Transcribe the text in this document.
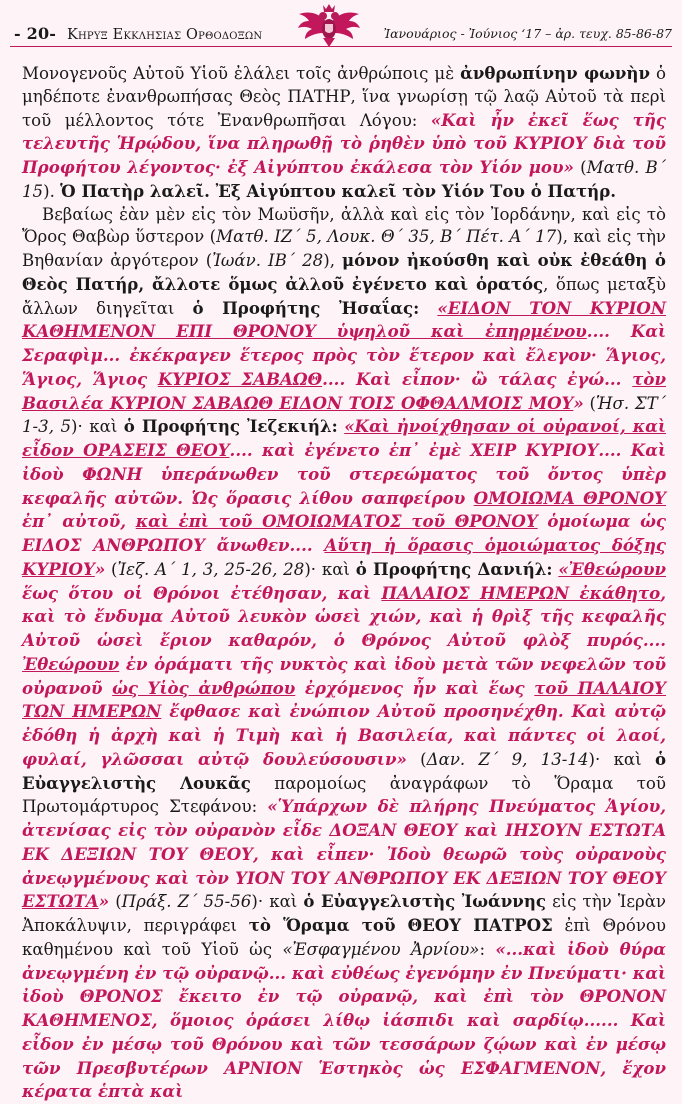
- 20- Κηρυξ Εκκλησιας Ορθοδοξων	Ἰανουάριος - Ἰούνιος ‘17 – ἀρ. τευχ. 85-86-87

Μονογενοῦς Αὐτοῦ Υἱοῦ ἐλάλει τοῖς ἀνθρώποις μὲ ἀνθρωπίνην φωνὴν ὁ μηδέποτε ἐνανθρωπήσας Θεὸς ΠΑΤΗΡ, ἵνα γνωρίσῃ τῷ λαῷ Αὐτοῦ τὰ περὶ τοῦ μέλλοντος τότε Ἐνανθρωπῆσαι Λόγου: «Καὶ ἦν ἐκεῖ ἕως τῆς τελευτῆς Ἡρῴδου, ἵνα πληρωθῇ τὸ ῥηθὲν ὑπὸ τοῦ ΚΥΡΙΟΥ διὰ τοῦ Προφήτου λέγοντος· ἐξ Αἰγύπτου ἐκάλεσα τὸν Υἱόν μου» (Ματθ. Β΄ 15). Ὁ Πατὴρ λαλεῖ. Ἐξ Αἰγύπτου καλεῖ τὸν Υἱόν Του ὁ Πατήρ.

Βεβαίως ἐὰν μὲν εἰς τὸν Μωϋσῆν, ἀλλὰ καὶ εἰς τὸν Ἰορδάνην, καὶ εἰς τὸ Ὄρος Θαβὼρ ὕστερον (Ματθ. ΙΖ΄ 5, Λουκ. Θ΄ 35, Β΄ Πέτ. Α΄ 17), καὶ εἰς τὴν Βηθανίαν ἀργότερον (Ἰωάν. ΙΒ΄ 28), μόνον ἠκούσθη καὶ οὐκ ἐθεάθη ὁ Θεὸς Πατήρ, ἄλλοτε ὅμως ἀλλοῦ ἐγένετο καὶ ὁρατός, ὅπως μεταξὺ ἄλλων διηγεῖται ὁ Προφήτης Ἠσαΐας: «ΕΙΔΟΝ ΤΟΝ ΚΥΡΙΟΝ ΚΑΘΗΜΕΝΟΝ ΕΠΙ ΘΡΟΝΟΥ ὑψηλοῦ καὶ ἐπηρμένου.... Καὶ Σεραφὶμ... ἐκέκραγεν ἕτερος πρὸς τὸν ἕτερον καὶ ἔλεγον· Ἅγιος, Ἅγιος, Ἅγιος ΚΥΡΙΟΣ ΣΑΒΑΩΘ.... Καὶ εἶπον· ὢ τάλας ἐγώ... τὸν Βασιλέα ΚΥΡΙΟΝ ΣΑΒΑΩΘ ΕΙΔΟΝ ΤΟΙΣ ΟΦΘΑΛΜΟΙΣ ΜΟΥ» (Ἡσ. ΣΤ΄ 1-3, 5)· καὶ ὁ Προφήτης Ἰεζεκιήλ: «Καὶ ἠνοίχθησαν οἱ οὐρανοί, καὶ εἶδον ΟΡΑΣΕΙΣ ΘΕΟΥ.... καὶ ἐγένετο ἐπ᾽ ἐμὲ ΧΕΙΡ ΚΥΡΙΟΥ.... Καὶ ἰδοὺ ΦΩΝΗ ὑπεράνωθεν τοῦ στερεώματος τοῦ ὄντος ὑπὲρ κεφαλῆς αὐτῶν. Ὡς ὅρασις λίθου σαπφείρου ΟΜΟΙΩΜΑ ΘΡΟΝΟΥ ἐπ᾽ αὐτοῦ, καὶ ἐπὶ τοῦ ΟΜΟΙΩΜΑΤΟΣ τοῦ ΘΡΟΝΟΥ ὁμοίωμα ὡς ΕΙΔΟΣ ΑΝΘΡΩΠΟΥ ἄνωθεν.... Αὕτη ἡ ὅρασις ὁμοιώματος δόξης ΚΥΡΙΟΥ» (Ἰεζ. Α΄ 1, 3, 25-26, 28)· καὶ ὁ Προφήτης Δανιήλ: «Ἐθεώρουν ἕως ὅτου οἱ Θρόνοι ἐτέθησαν, καὶ ΠΑΛΑΙΟΣ ΗΜΕΡΩΝ ἐκάθητο, καὶ τὸ ἔνδυμα Αὐτοῦ λευκὸν ὡσεὶ χιών, καὶ ἡ θρὶξ τῆς κεφαλῆς Αὐτοῦ ὡσεὶ ἔριον καθαρόν, ὁ Θρόνος Αὐτοῦ φλὸξ πυρός.... Ἐθεώρουν ἐν ὁράματι τῆς νυκτὸς καὶ ἰδοὺ μετὰ τῶν νεφελῶν τοῦ οὐρανοῦ ὡς Υἱὸς ἀνθρώπου ἐρχόμενος ἦν καὶ ἕως τοῦ ΠΑΛΑΙΟΥ ΤΩΝ ΗΜΕΡΩΝ ἔφθασε καὶ ἐνώπιον Αὐτοῦ προσηνέχθη. Καὶ αὐτῷ ἐδόθη ἡ ἀρχὴ καὶ ἡ Τιμὴ καὶ ἡ Βασιλεία, καὶ πάντες οἱ λαοί, φυλαί, γλῶσσαι αὐτῷ δουλεύσουσιν» (Δαν. Ζ΄ 9, 13-14)· καὶ ὁ Εὐαγγελιστὴς Λουκᾶς παρομοίως ἀναγράφων τὸ Ὅραμα τοῦ Πρωτομάρτυρος Στεφάνου: «Ὑπάρχων δὲ πλήρης Πνεύματος Ἁγίου, ἀτενίσας εἰς τὸν οὐρανὸν εἶδε ΔΟΞΑΝ ΘΕΟΥ καὶ ΙΗΣΟΥΝ ΕΣΤΩΤΑ ΕΚ ΔΕΞΙΩΝ ΤΟΥ ΘΕΟΥ, καὶ εἶπεν· Ἰδοὺ θεωρῶ τοὺς οὐρανοὺς ἀνεῳγμένους καὶ τὸν ΥΙΟΝ ΤΟΥ ΑΝΘΡΩΠΟΥ ΕΚ ΔΕΞΙΩΝ ΤΟΥ ΘΕΟΥ ΕΣΤΩΤΑ» (Πράξ. Ζ΄ 55-56)· καὶ ὁ Εὐαγγελιστὴς Ἰωάννης εἰς τὴν Ἱερὰν Ἀποκάλυψιν, περιγράφει τὸ Ὅραμα τοῦ ΘΕΟΥ ΠΑΤΡΟΣ ἐπὶ Θρόνου καθημένου καὶ τοῦ Υἱοῦ ὡς «Ἐσφαγμένου Ἀρνίου»: «...καὶ ἰδοὺ θύρα ἀνεῳγμένη ἐν τῷ οὐρανῷ... καὶ εὐθέως ἐγενόμην ἐν Πνεύματι· καὶ ἰδοὺ ΘΡΟΝΟΣ ἔκειτο ἐν τῷ οὐρανῷ, καὶ ἐπὶ τὸν ΘΡΟΝΟΝ ΚΑΘΗΜΕΝΟΣ, ὅμοιος ὁράσει λίθῳ ἰάσπιδι καὶ σαρδίῳ...... Καὶ εἶδον ἐν μέσῳ τοῦ Θρόνου καὶ τῶν τεσσάρων ζῴων καὶ ἐν μέσῳ τῶν Πρεσβυτέρων ΑΡΝΙΟΝ Ἑστηκὸς ὡς ΕΣΦΑΓΜΕΝΟΝ, ἔχον κέρατα ἑπτὰ καὶ
